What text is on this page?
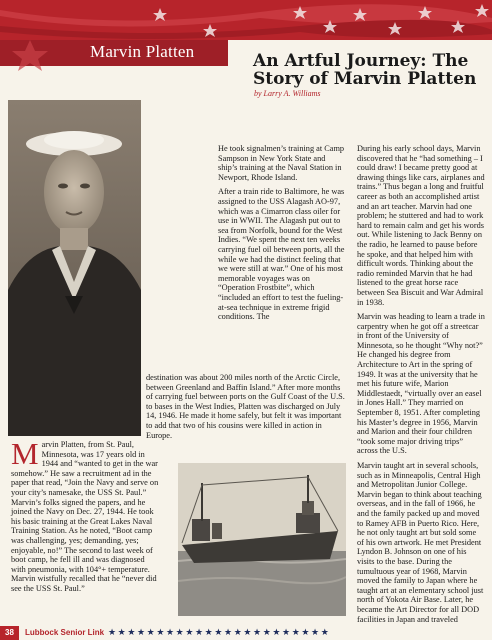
Marvin Platten	An Artful Journey: The Story of Marvin Platten
by Larry A. Williams

Marvin Platten, from St. Paul, Minnesota, was 17 years old in 1944 and “wanted to get in the war somehow.” He saw a recruitment ad in the paper that read, “Join the Navy and serve on your city’s namesake, the USS St. Paul.” Marvin’s folks signed the papers, and he joined the Navy on Dec. 27, 1944. He took his basic training at the Great Lakes Naval Training Station. As he noted, “Boot camp was challenging, yes; demanding, yes; enjoyable, no!” The second to last week of boot camp, he fell ill and was diagnosed with pneumonia, with 104°+ temperature. Marvin wistfully recalled that he “never did see the USS St. Paul.”

He took signalmen’s training at Camp Sampson in New York State and ship’s training at the Naval Station in Newport, Rhode Island.

After a train ride to Baltimore, he was assigned to the USS Alagash AO-97, which was a Cimarron class oiler for use in WWII. The Alagash put out to sea from Norfolk, bound for the West Indies. “We spent the next ten weeks carrying fuel oil between ports, all the while we had the distinct feeling that we were still at war.” One of his most memorable voyages was on “Operation Frostbite”, which “included an effort to test the fueling-at-sea technique in extreme frigid conditions. The

destination was about 200 miles north of the Arctic Circle, between Greenland and Baffin Island.” After more months of carrying fuel between ports on the Gulf Coast of the U.S. to bases in the West Indies, Platten was discharged on July 14, 1946. He made it home safely, but felt it was important to add that two of his cousins were killed in action in Europe.

During his early school days, Marvin discovered that he “had something – I could draw! I became pretty good at drawing things like cars, airplanes and trains.” Thus began a long and fruitful career as both an accomplished artist and an art teacher. Marvin had one problem; he stuttered and had to work hard to remain calm and get his words out. While listening to Jack Benny on the radio, he learned to pause before he spoke, and that helped him with difficult words. Thinking about the radio reminded Marvin that he had listened to the great horse race between Sea Biscuit and War Admiral in 1938.

Marvin was heading to learn a trade in carpentry when he got off a streetcar in front of the University of Minnesota, so he thought “Why not?” He changed his degree from Architecture to Art in the spring of 1949. It was at the university that he met his future wife, Marion Middlestaedt, “virtually over an easel in Jones Hall.” They married on September 8, 1951. After completing his Master’s degree in 1956, Marvin and Marion and their four children “took some major driving trips” across the U.S.

Marvin taught art in several schools, such as in Minneapolis, Central High and Metropolitan Junior College. Marvin began to think about teaching overseas, and in the fall of 1966, he and the family packed up and moved to Ramey AFB in Puerto Rico. Here, he not only taught art but sold some of his own artwork. He met President Lyndon B. Johnson on one of his visits to the base. During the tumultuous year of 1968, Marvin moved the family to Japan where he taught art at an elementary school just north of Yokota Air Base. Later, he became the Art Director for all DOD facilities in Japan and traveled

38	Lubbock Senior Link ★★★★★★★★★★★★★★★★★★★★★★★
